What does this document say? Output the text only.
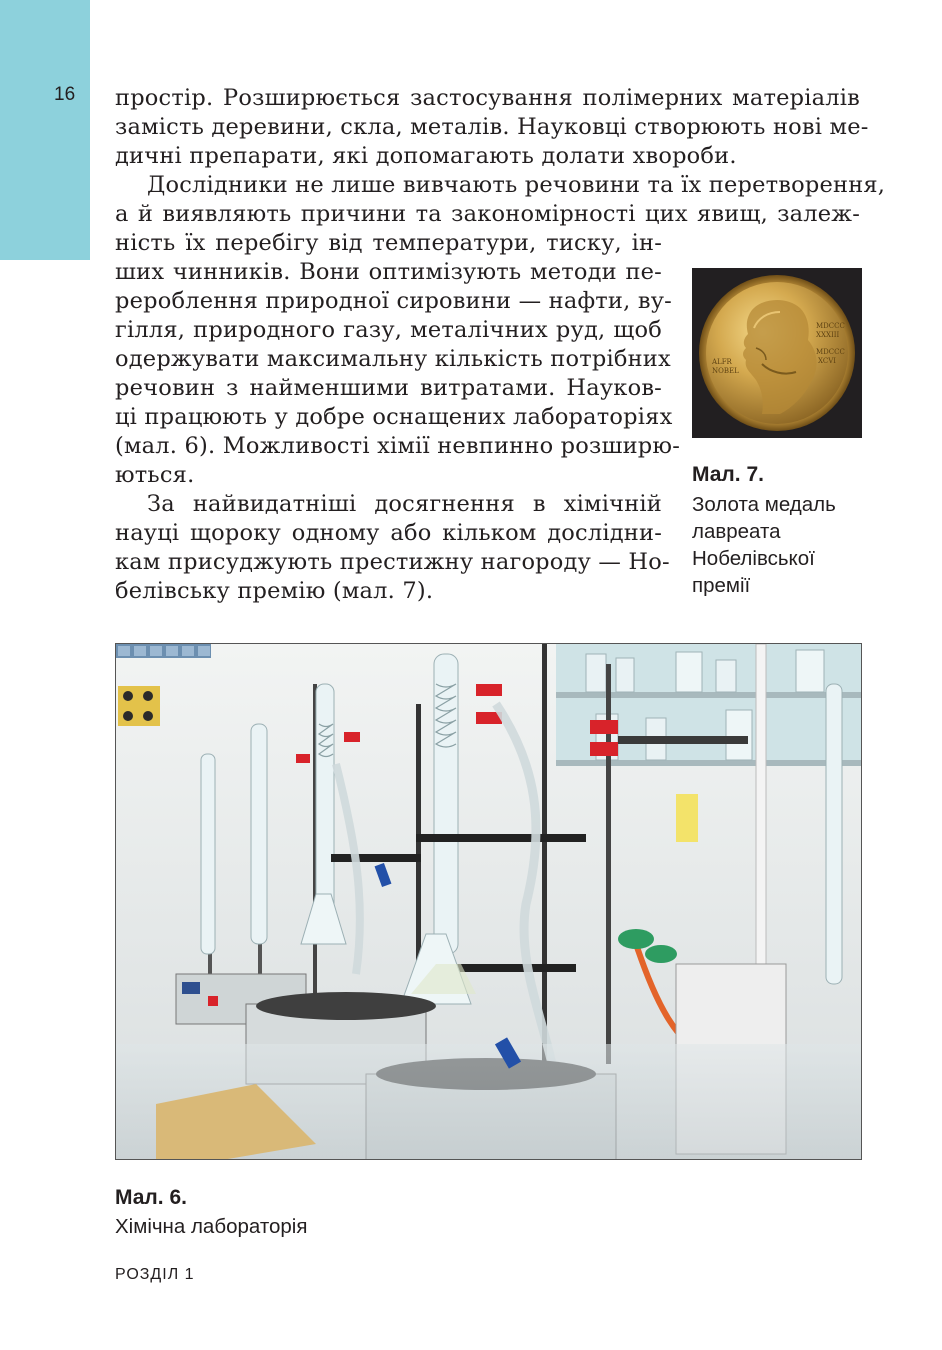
16 простір. Розширюється застосування полімерних матеріалів
замість деревини, скла, металів. Науковці створюють нові ме-
дичні препарати, які допомагають долати хвороби.
Дослідники не лише вивчають речовини та їх перетворення,
а й виявляють причини та закономірності цих явищ, залеж-
ність їх перебігу від температури, тиску, ін-
ших чинників. Вони оптимізують методи пе-
рероблення природної сировини — нафти, ву-
гілля, природного газу, металічних руд, щоб
одержувати максимальну кількість потрібних
речовин з найменшими витратами. Науков-
ці працюють у добре оснащених лабораторіях
(мал. 6). Можливості хімії невпинно розширю-
ються.
За найвидатніші досягнення в хімічній
науці щороку одному або кільком дослідни-
кам присуджують престижну нагороду — Но-
белівську премію (мал. 7).
ALFR
NOBEL
MDCCC
XXXIII
MDCCC
XCVI
Мал. 7.
Золота медаль
лавреата
Нобелівської
премії
Мал. 6.
Хімічна лабораторія
РОЗДІЛ 1
